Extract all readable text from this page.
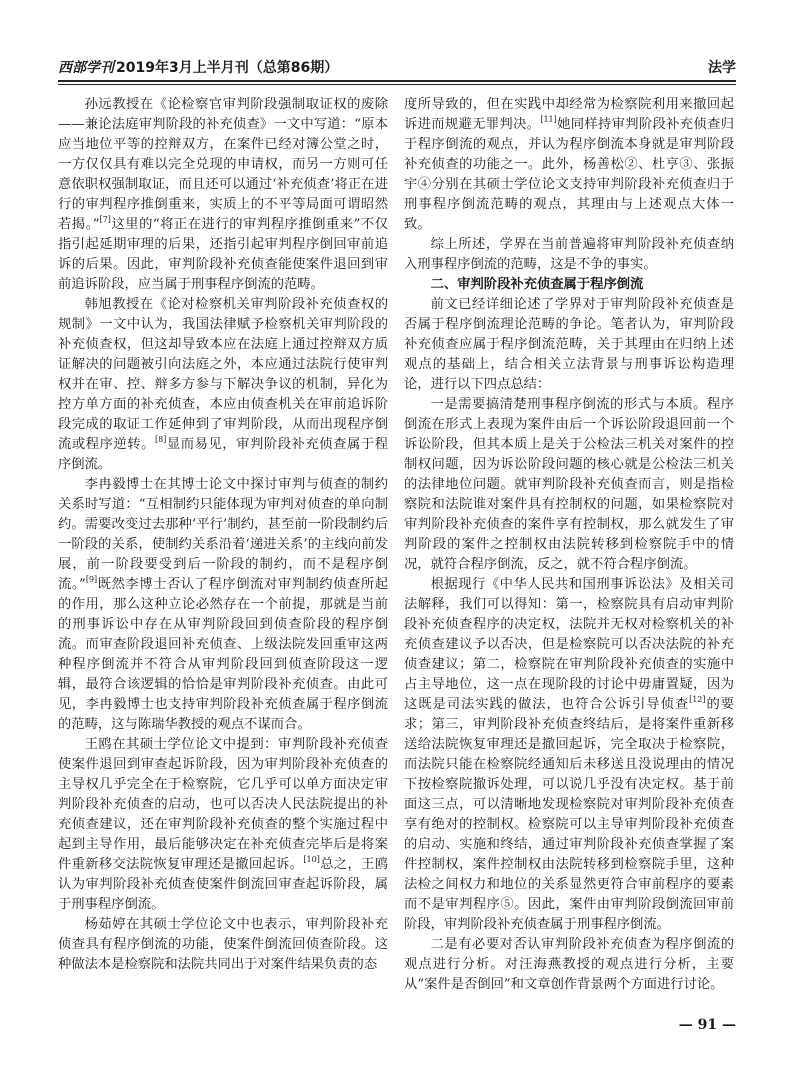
西部学刊 2019年3月上半月刊（总第86期）	法学

孙远教授在《论检察官审判阶段强制取证权的废除——兼论法庭审判阶段的补充侦查》一文中写道：“原本应当地位平等的控辩双方，在案件已经对簿公堂之时，一方仅仅具有难以完全兑现的申请权，而另一方则可任意依职权强制取证，而且还可以通过‘补充侦查’将正在进行的审判程序推倒重来，实质上的不平等局面可谓昭然若揭。”[7]这里的“将正在进行的审判程序推倒重来”不仅指引起延期审理的后果，还指引起审判程序倒回审前追诉的后果。因此，审判阶段补充侦查能使案件退回到审前追诉阶段，应当属于刑事程序倒流的范畴。

韩旭教授在《论对检察机关审判阶段补充侦查权的规制》一文中认为，我国法律赋予检察机关审判阶段的补充侦查权，但这却导致本应在法庭上通过控辩双方质证解决的问题被引向法庭之外，本应通过法院行使审判权并在审、控、辩多方参与下解决争议的机制，异化为控方单方面的补充侦查，本应由侦查机关在审前追诉阶段完成的取证工作延伸到了审判阶段，从而出现程序倒流或程序逆转。[8]显而易见，审判阶段补充侦查属于程序倒流。

李冉毅博士在其博士论文中探讨审判与侦查的制约关系时写道：“互相制约只能体现为审判对侦查的单向制约。需要改变过去那种‘平行’制约，甚至前一阶段制约后一阶段的关系，使制约关系沿着‘递进关系’的主线向前发展，前一阶段要受到后一阶段的制约，而不是程序倒流。”[9]既然李博士否认了程序倒流对审判制约侦查所起的作用，那么这种立论必然存在一个前提，那就是当前的刑事诉讼中存在从审判阶段回到侦查阶段的程序倒流。而审查阶段退回补充侦查、上级法院发回重审这两种程序倒流并不符合从审判阶段回到侦查阶段这一逻辑，最符合该逻辑的恰恰是审判阶段补充侦查。由此可见，李冉毅博士也支持审判阶段补充侦查属于程序倒流的范畴，这与陈瑞华教授的观点不谋而合。

王鸥在其硕士学位论文中提到：审判阶段补充侦查使案件退回到审查起诉阶段，因为审判阶段补充侦查的主导权几乎完全在于检察院，它几乎可以单方面决定审判阶段补充侦查的启动，也可以否决人民法院提出的补充侦查建议，还在审判阶段补充侦查的整个实施过程中起到主导作用，最后能够决定在补充侦查完毕后是将案件重新移交法院恢复审理还是撤回起诉。[10]总之，王鸥认为审判阶段补充侦查使案件倒流回审查起诉阶段，属于刑事程序倒流。

杨茹婷在其硕士学位论文中也表示，审判阶段补充侦查具有程序倒流的功能，使案件倒流回侦查阶段。这种做法本是检察院和法院共同出于对案件结果负责的态

度所导致的，但在实践中却经常为检察院利用来撤回起诉进而规避无罪判决。[11]她同样持审判阶段补充侦查归于程序倒流的观点，并认为程序倒流本身就是审判阶段补充侦查的功能之一。此外，杨善松②、杜亨③、张振宇④分别在其硕士学位论文支持审判阶段补充侦查归于刑事程序倒流范畴的观点，其理由与上述观点大体一致。

综上所述，学界在当前普遍将审判阶段补充侦查纳入刑事程序倒流的范畴，这是不争的事实。

二、审判阶段补充侦查属于程序倒流

前文已经详细论述了学界对于审判阶段补充侦查是否属于程序倒流理论范畴的争论。笔者认为，审判阶段补充侦查应属于程序倒流范畴，关于其理由在归纳上述观点的基础上，结合相关立法背景与刑事诉讼构造理论，进行以下四点总结：

一是需要搞清楚刑事程序倒流的形式与本质。程序倒流在形式上表现为案件由后一个诉讼阶段退回前一个诉讼阶段，但其本质上是关于公检法三机关对案件的控制权问题，因为诉讼阶段问题的核心就是公检法三机关的法律地位问题。就审判阶段补充侦查而言，则是指检察院和法院谁对案件具有控制权的问题，如果检察院对审判阶段补充侦查的案件享有控制权，那么就发生了审判阶段的案件之控制权由法院转移到检察院手中的情况，就符合程序倒流，反之，就不符合程序倒流。

根据现行《中华人民共和国刑事诉讼法》及相关司法解释，我们可以得知：第一，检察院具有启动审判阶段补充侦查程序的决定权，法院并无权对检察机关的补充侦查建议予以否决，但是检察院可以否决法院的补充侦查建议；第二，检察院在审判阶段补充侦查的实施中占主导地位，这一点在现阶段的讨论中毋庸置疑，因为这既是司法实践的做法，也符合公诉引导侦查[12]的要求；第三，审判阶段补充侦查终结后，是将案件重新移送给法院恢复审理还是撤回起诉，完全取决于检察院，而法院只能在检察院经通知后未移送且没说理由的情况下按检察院撤诉处理，可以说几乎没有决定权。基于前面这三点，可以清晰地发现检察院对审判阶段补充侦查享有绝对的控制权。检察院可以主导审判阶段补充侦查的启动、实施和终结，通过审判阶段补充侦查掌握了案件控制权，案件控制权由法院转移到检察院手里，这种法检之间权力和地位的关系显然更符合审前程序的要素而不是审判程序⑤。因此，案件由审判阶段倒流回审前阶段，审判阶段补充侦查属于刑事程序倒流。

二是有必要对否认审判阶段补充侦查为程序倒流的观点进行分析。对汪海燕教授的观点进行分析，主要从“案件是否倒回”和文章创作背景两个方面进行讨论。

— 91 —
